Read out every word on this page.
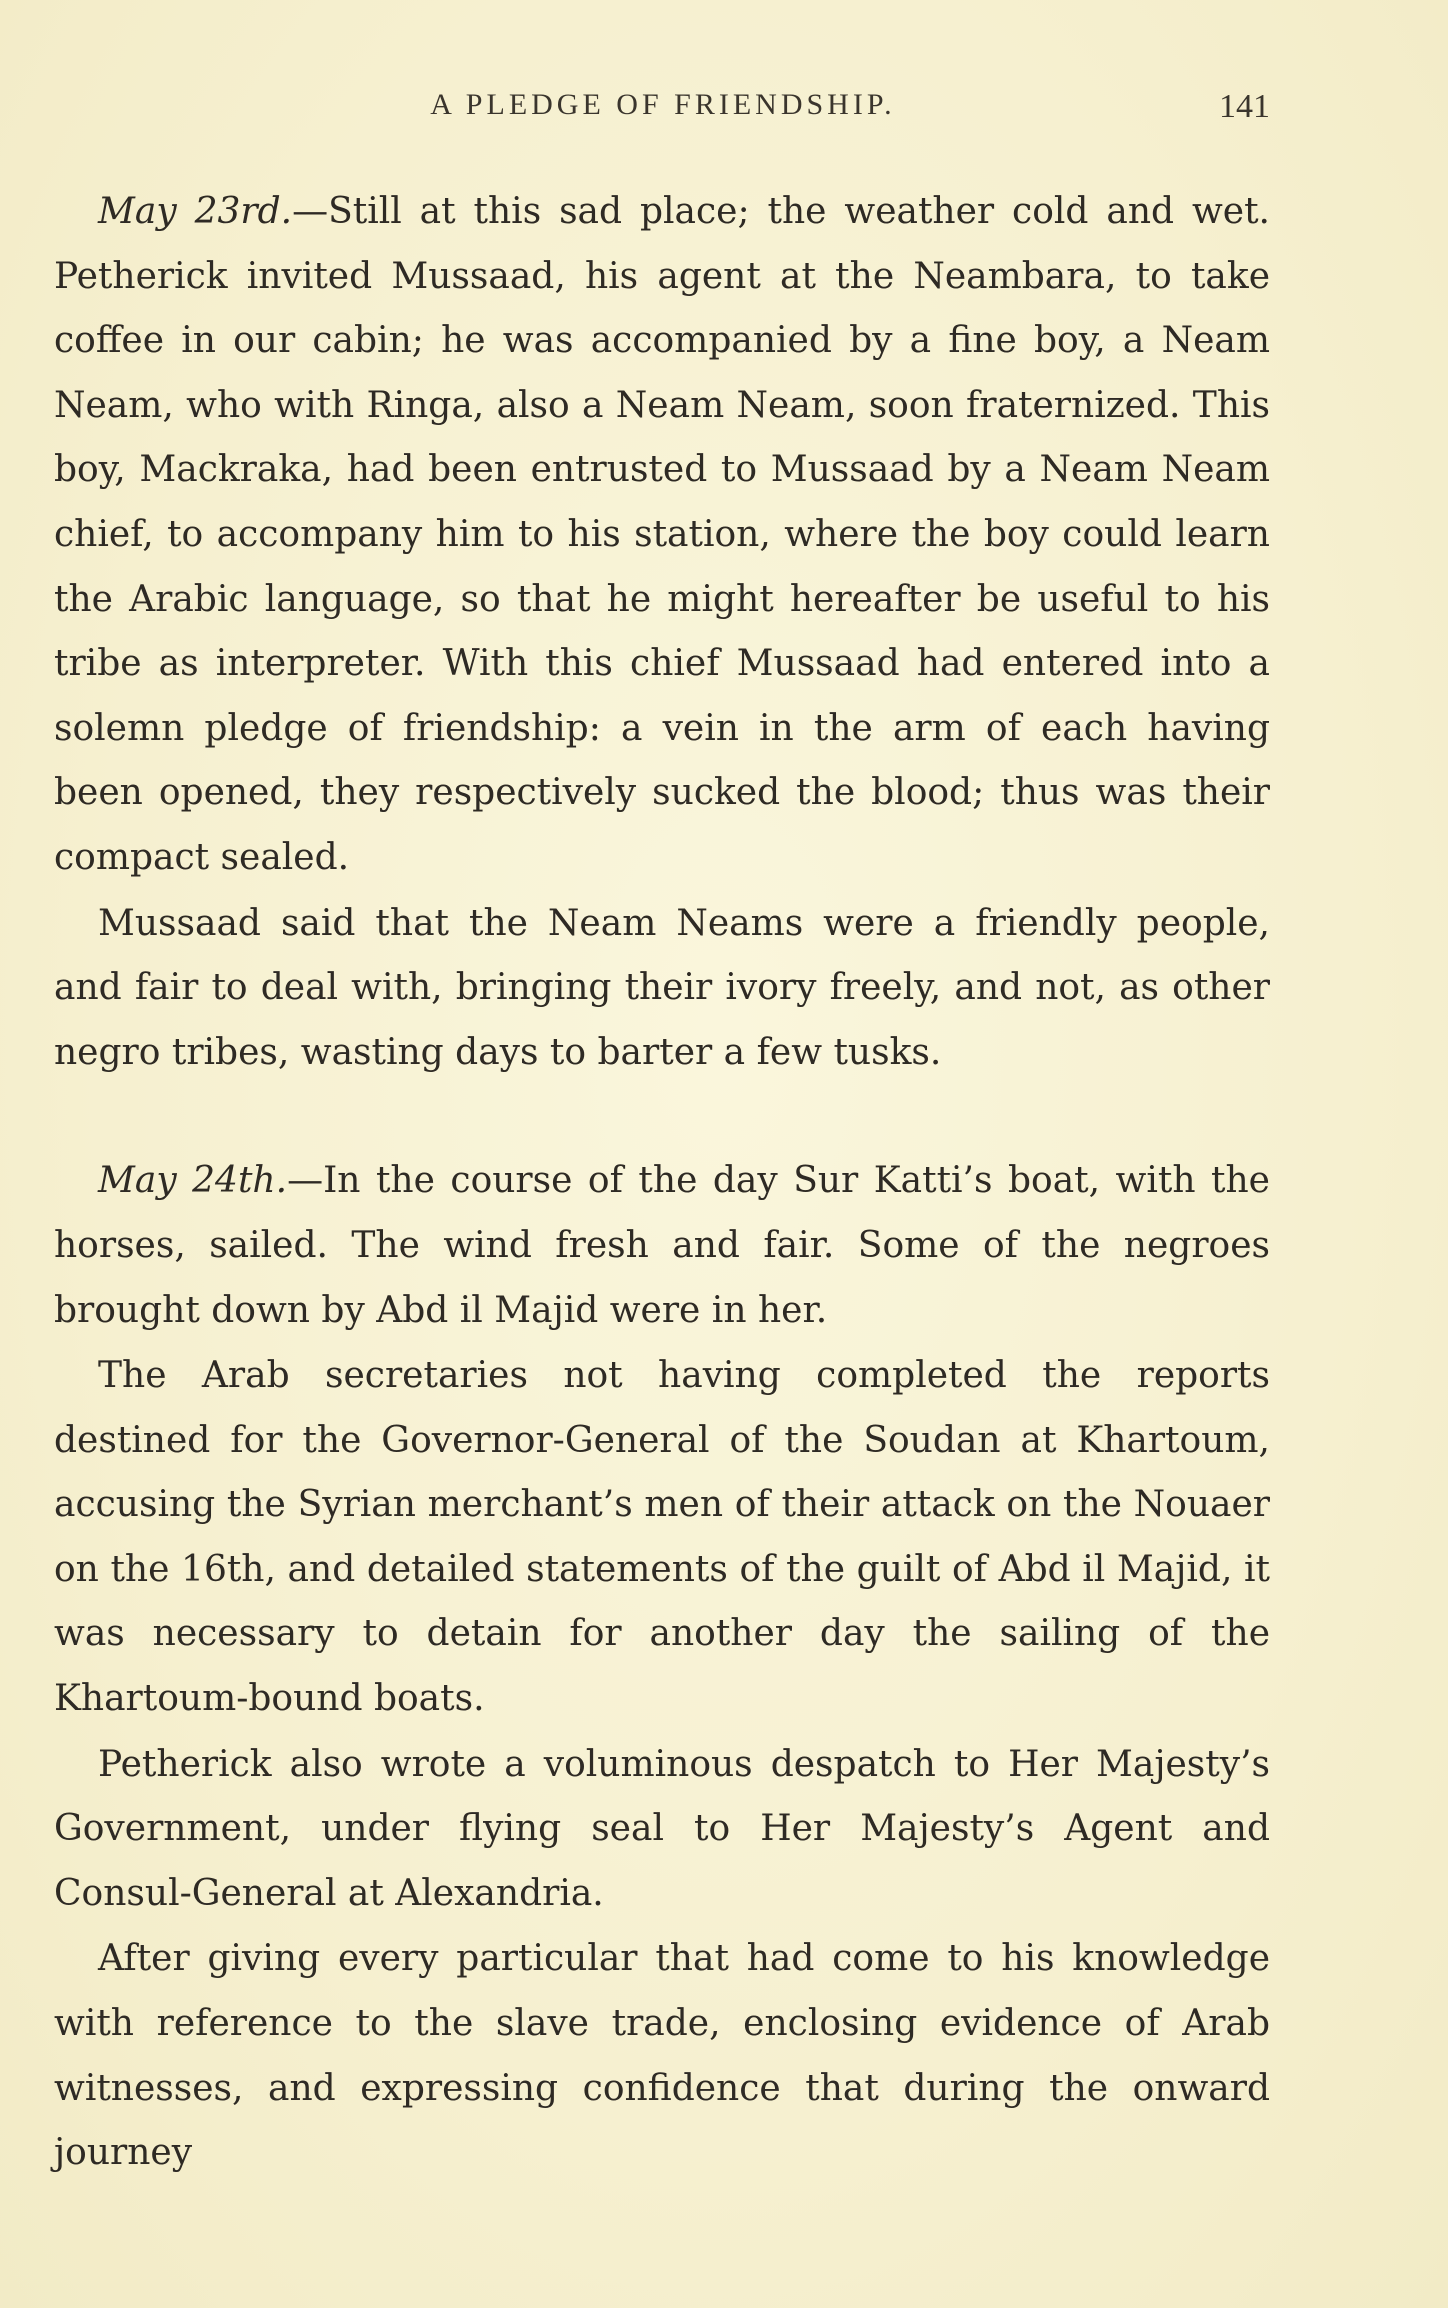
A PLEDGE OF FRIENDSHIP.	141

May 23rd.—Still at this sad place; the weather cold and wet. Petherick invited Mussaad, his agent at the Neambara, to take coffee in our cabin; he was accompanied by a fine boy, a Neam Neam, who with Ringa, also a Neam Neam, soon fraternized. This boy, Mackraka, had been entrusted to Mussaad by a Neam Neam chief, to accompany him to his station, where the boy could learn the Arabic language, so that he might hereafter be useful to his tribe as interpreter. With this chief Mussaad had entered into a solemn pledge of friendship: a vein in the arm of each having been opened, they respectively sucked the blood; thus was their compact sealed.

Mussaad said that the Neam Neams were a friendly people, and fair to deal with, bringing their ivory freely, and not, as other negro tribes, wasting days to barter a few tusks.

May 24th.—In the course of the day Sur Katti’s boat, with the horses, sailed. The wind fresh and fair. Some of the negroes brought down by Abd il Majid were in her.

The Arab secretaries not having completed the reports destined for the Governor-General of the Soudan at Khartoum, accusing the Syrian merchant’s men of their attack on the Nouaer on the 16th, and detailed statements of the guilt of Abd il Majid, it was necessary to detain for another day the sailing of the Khartoum-bound boats.

Petherick also wrote a voluminous despatch to Her Majesty’s Government, under flying seal to Her Majesty’s Agent and Consul-General at Alexandria.

After giving every particular that had come to his knowledge with reference to the slave trade, enclosing evidence of Arab witnesses, and expressing confidence that during the onward journey
